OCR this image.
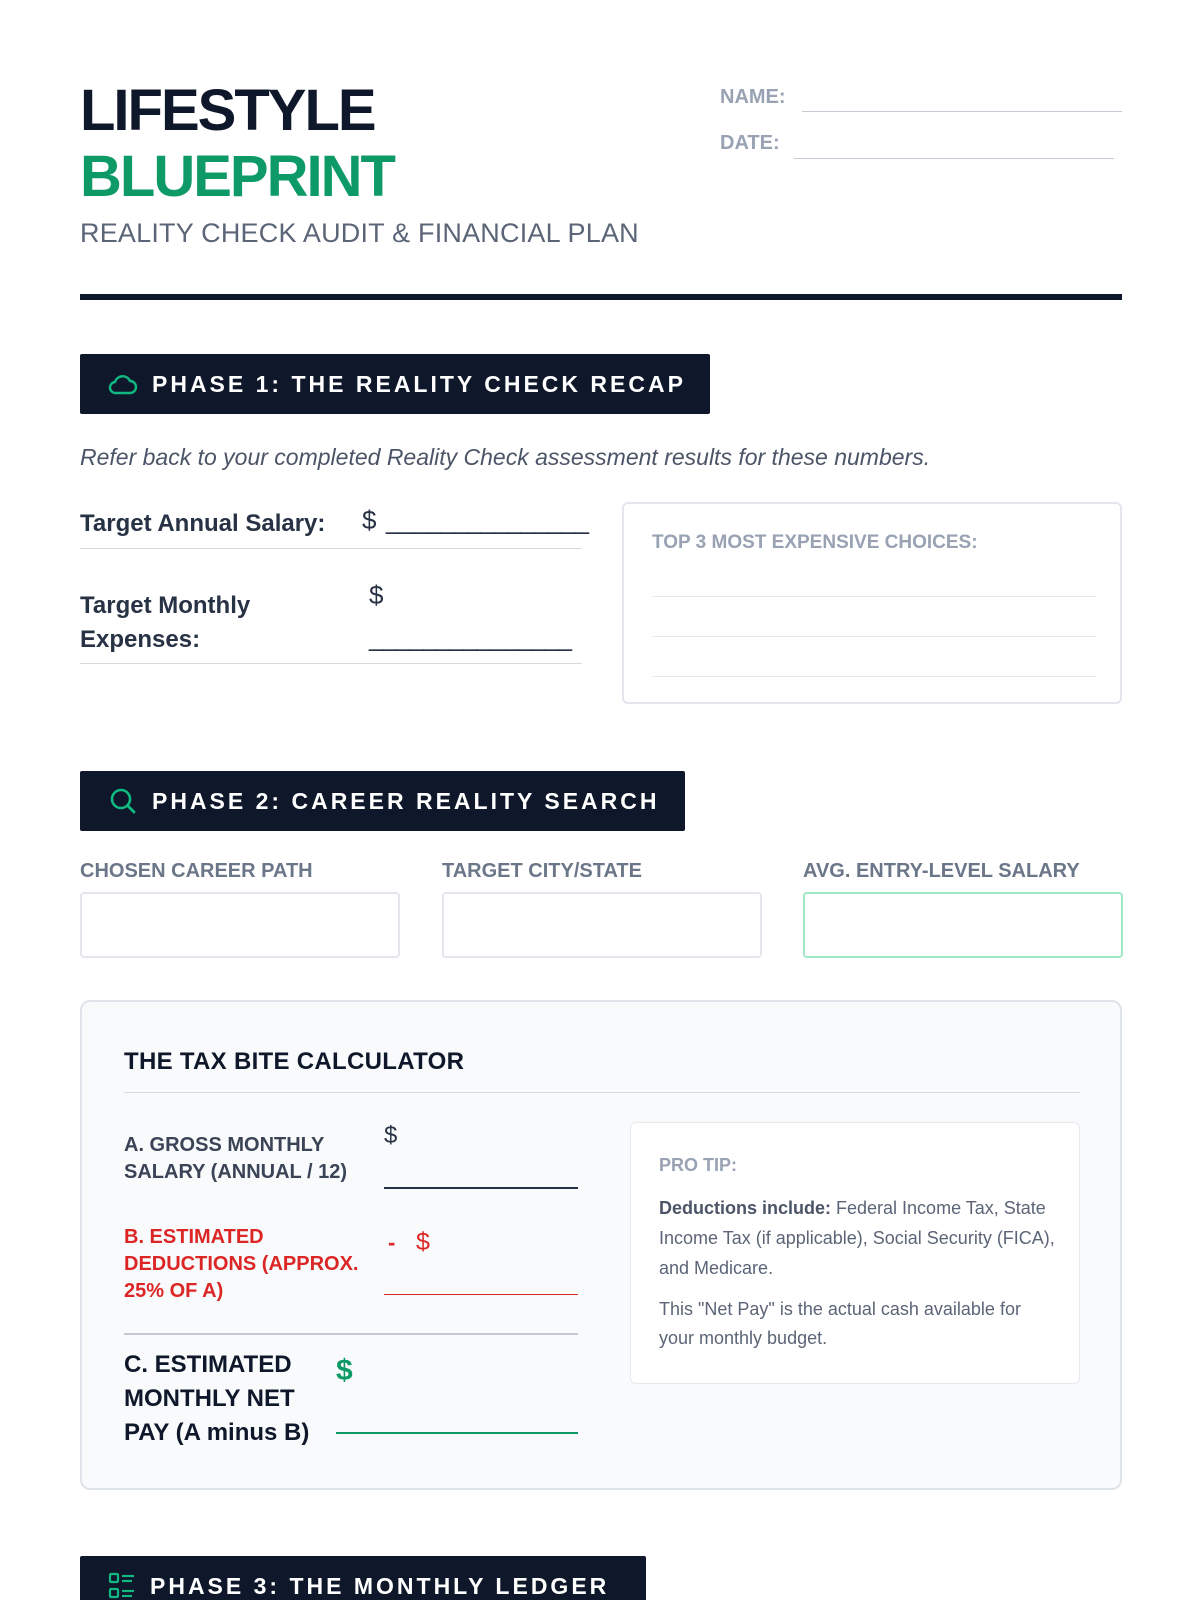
LIFESTYLE
BLUEPRINT
REALITY CHECK AUDIT & FINANCIAL PLAN
NAME:
DATE:
PHASE 1: THE REALITY CHECK RECAP
Refer back to your completed Reality Check assessment results for these numbers.
Target Annual Salary: $ _______________
Target Monthly
Expenses:
$
_______________
TOP 3 MOST EXPENSIVE CHOICES:
PHASE 2: CAREER REALITY SEARCH
CHOSEN CAREER PATH	TARGET CITY/STATE	AVG. ENTRY-LEVEL SALARY
THE TAX BITE CALCULATOR
A. GROSS MONTHLY
SALARY (ANNUAL / 12)
$
B. ESTIMATED
DEDUCTIONS (APPROX.
25% OF A)
- $
C. ESTIMATED
MONTHLY NET
PAY (A minus B)
$
PRO TIP:
Deductions include: Federal Income Tax, State Income Tax (if applicable), Social Security (FICA), and Medicare.
This "Net Pay" is the actual cash available for your monthly budget.
PHASE 3: THE MONTHLY LEDGER
